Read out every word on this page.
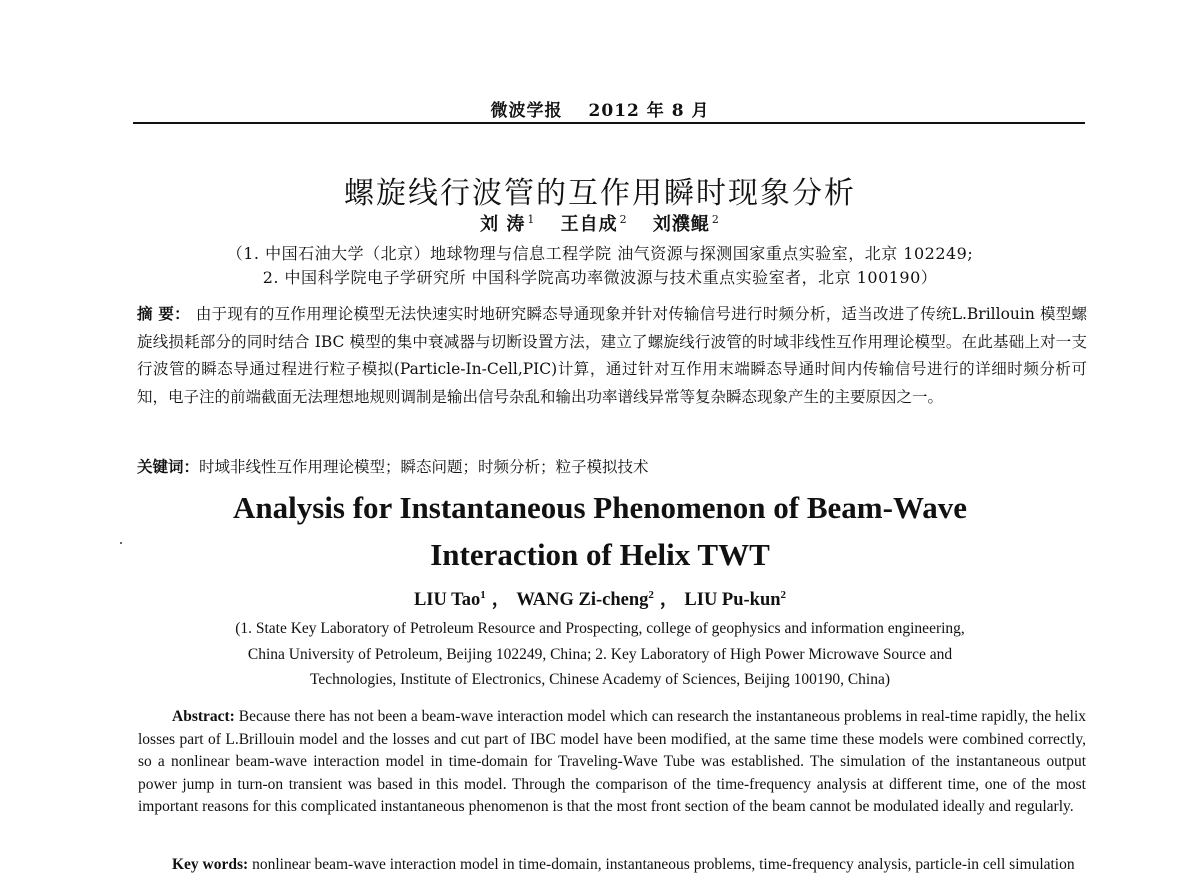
微波学报 2012 年 8 月
螺旋线行波管的互作用瞬时现象分析
刘 涛 $^1$ 王自成 $^2$ 刘濮鲲 $^2$
（1. 中国石油大学（北京）地球物理与信息工程学院 油气资源与探测国家重点实验室，北京 102249;
2. 中国科学院电子学研究所 中国科学院高功率微波源与技术重点实验室者，北京 100190）
摘 要： 由于现有的互作用理论模型无法快速实时地研究瞬态导通现象并针对传输信号进行时频分析，适当改进了传统L.Brillouin 模型螺旋线损耗部分的同时结合 IBC 模型的集中衰减器与切断设置方法，建立了螺旋线行波管的时域非线性互作用理论模型。在此基础上对一支行波管的瞬态导通过程进行粒子模拟(Particle-In-Cell,PIC)计算，通过针对互作用末端瞬态导通时间内传输信号进行的详细时频分析可知，电子注的前端截面无法理想地规则调制是输出信号杂乱和输出功率谱线异常等复杂瞬态现象产生的主要原因之一。
关键词：时域非线性互作用理论模型；瞬态问题；时频分析；粒子模拟技术
Analysis for Instantaneous Phenomenon of Beam-Wave
Interaction of Helix TWT
LIU Tao$^1$ ， WANG Zi-cheng$^2$ ， LIU Pu-kun$^2$
(1. State Key Laboratory of Petroleum Resource and Prospecting, college of geophysics and information engineering,
China University of Petroleum, Beijing 102249, China; 2. Key Laboratory of High Power Microwave Source and
Technologies, Institute of Electronics, Chinese Academy of Sciences, Beijing 100190, China)
Abstract: Because there has not been a beam-wave interaction model which can research the instantaneous problems in real-time rapidly, the helix losses part of L.Brillouin model and the losses and cut part of IBC model have been modified, at the same time these models were combined correctly, so a nonlinear beam-wave interaction model in time-domain for Traveling-Wave Tube was established. The simulation of the instantaneous output power jump in turn-on transient was based in this model. Through the comparison of the time-frequency analysis at different time, one of the most important reasons for this complicated instantaneous phenomenon is that the most front section of the beam cannot be modulated ideally and regularly.
Key words: nonlinear beam-wave interaction model in time-domain, instantaneous problems, time-frequency analysis, particle-in cell simulation
